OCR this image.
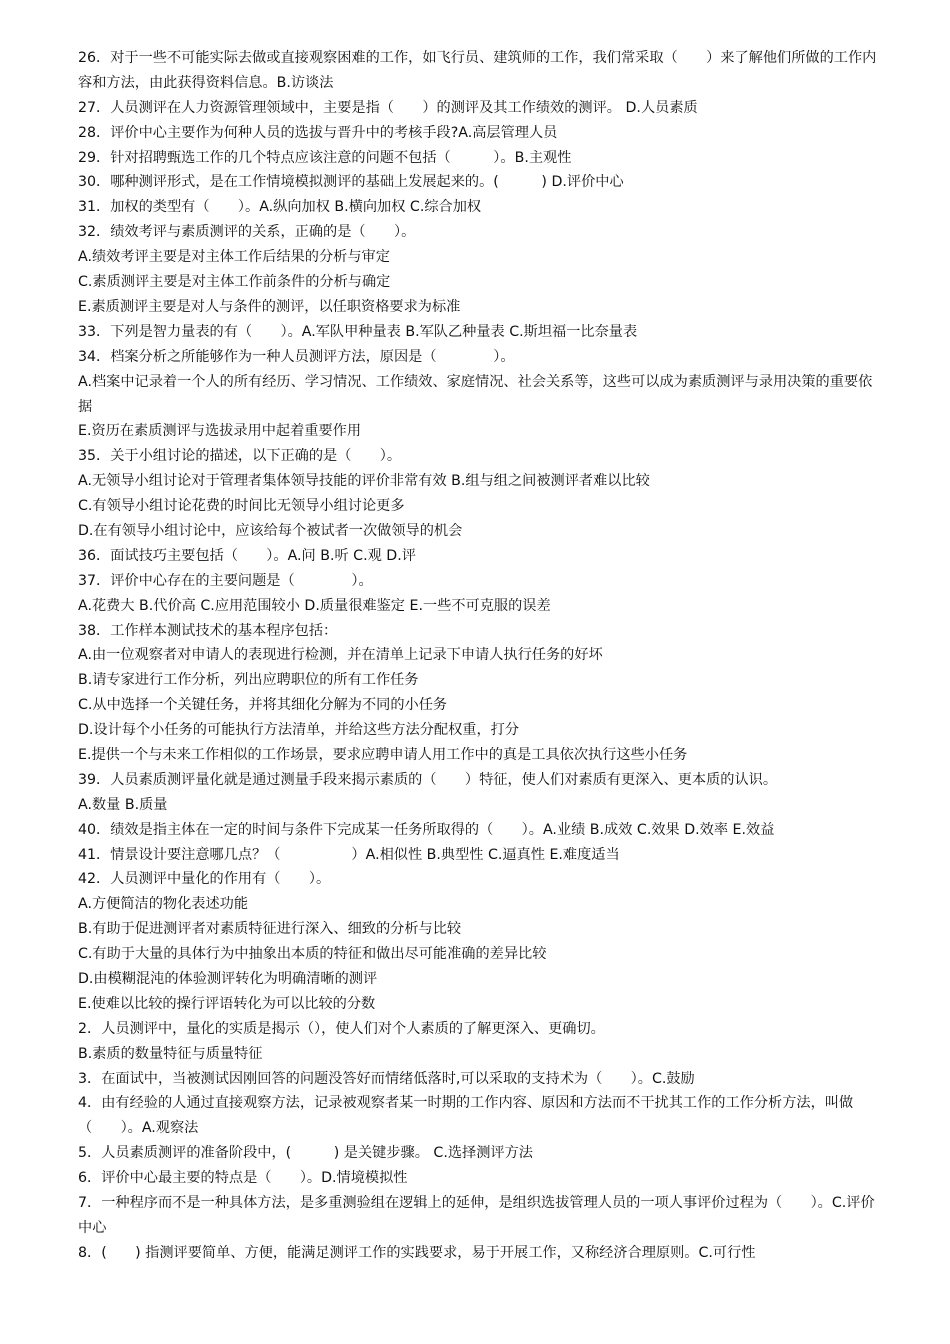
26．对于一些不可能实际去做或直接观察困难的工作，如飞行员、建筑师的工作，我们常采取（　　）来了解他们所做的工作内容和方法，由此获得资料信息。B.访谈法

27．人员测评在人力资源管理领域中，主要是指（　　）的测评及其工作绩效的测评。 D.人员素质

28．评价中心主要作为何种人员的选拔与晋升中的考核手段?A.高层管理人员

29．针对招聘甄选工作的几个特点应该注意的问题不包括（　　　）。B.主观性

30．哪种测评形式，是在工作情境模拟测评的基础上发展起来的。(　　　) D.评价中心

31．加权的类型有（　　）。A.纵向加权 B.横向加权 C.综合加权

32．绩效考评与素质测评的关系，正确的是（　　）。

A.绩效考评主要是对主体工作后结果的分析与审定

C.素质测评主要是对主体工作前条件的分析与确定

E.素质测评主要是对人与条件的测评，以任职资格要求为标准

33．下列是智力量表的有（　　）。A.军队甲种量表 B.军队乙种量表 C.斯坦福一比奈量表

34．档案分析之所能够作为一种人员测评方法，原因是（　　　　）。

A.档案中记录着一个人的所有经历、学习情况、工作绩效、家庭情况、社会关系等，这些可以成为素质测评与录用决策的重要依据

E.资历在素质测评与选拔录用中起着重要作用

35．关于小组讨论的描述，以下正确的是（　　）。

A.无领导小组讨论对于管理者集体领导技能的评价非常有效 B.组与组之间被测评者难以比较

C.有领导小组讨论花费的时间比无领导小组讨论更多

D.在有领导小组讨论中，应该给每个被试者一次做领导的机会

36．面试技巧主要包括（　　）。A.问 B.听 C.观 D.评

37．评价中心存在的主要问题是（　　　　）。

A.花费大 B.代价高 C.应用范围较小 D.质量很难鉴定 E.一些不可克服的误差

38．工作样本测试技术的基本程序包括：

A.由一位观察者对申请人的表现进行检测，并在清单上记录下申请人执行任务的好坏

B.请专家进行工作分析，列出应聘职位的所有工作任务

C.从中选择一个关键任务，并将其细化分解为不同的小任务

D.设计每个小任务的可能执行方法清单，并给这些方法分配权重，打分

E.提供一个与未来工作相似的工作场景，要求应聘申请人用工作中的真是工具依次执行这些小任务

39．人员素质测评量化就是通过测量手段来揭示素质的（　　）特征，使人们对素质有更深入、更本质的认识。

A.数量 B.质量

40．绩效是指主体在一定的时间与条件下完成某一任务所取得的（　　）。A.业绩 B.成效 C.效果 D.效率 E.效益

41．情景设计要注意哪几点？（　　　　　）A.相似性 B.典型性 C.逼真性 E.难度适当

42．人员测评中量化的作用有（　　）。

A.方便简洁的物化表述功能

B.有助于促进测评者对素质特征进行深入、细致的分析与比较

C.有助于大量的具体行为中抽象出本质的特征和做出尽可能准确的差异比较

D.由模糊混沌的体验测评转化为明确清晰的测评

E.使难以比较的操行评语转化为可以比较的分数

2．人员测评中，量化的实质是揭示（），使人们对个人素质的了解更深入、更确切。

B.素质的数量特征与质量特征

3．在面试中，当被测试因刚回答的问题没答好而情绪低落时,可以采取的支持术为（　　）。C.鼓励

4．由有经验的人通过直接观察方法，记录被观察者某一时期的工作内容、原因和方法而不干扰其工作的工作分析方法，叫做（　　）。A.观察法

5．人员素质测评的准备阶段中，(　　　) 是关键步骤。 C.选择测评方法

6．评价中心最主要的特点是（　　）。D.情境模拟性

7．一种程序而不是一种具体方法，是多重测验组在逻辑上的延伸，是组织选拔管理人员的一项人事评价过程为（　　）。C.评价中心

8．(　　) 指测评要简单、方便，能满足测评工作的实践要求，易于开展工作，又称经济合理原则。C.可行性
